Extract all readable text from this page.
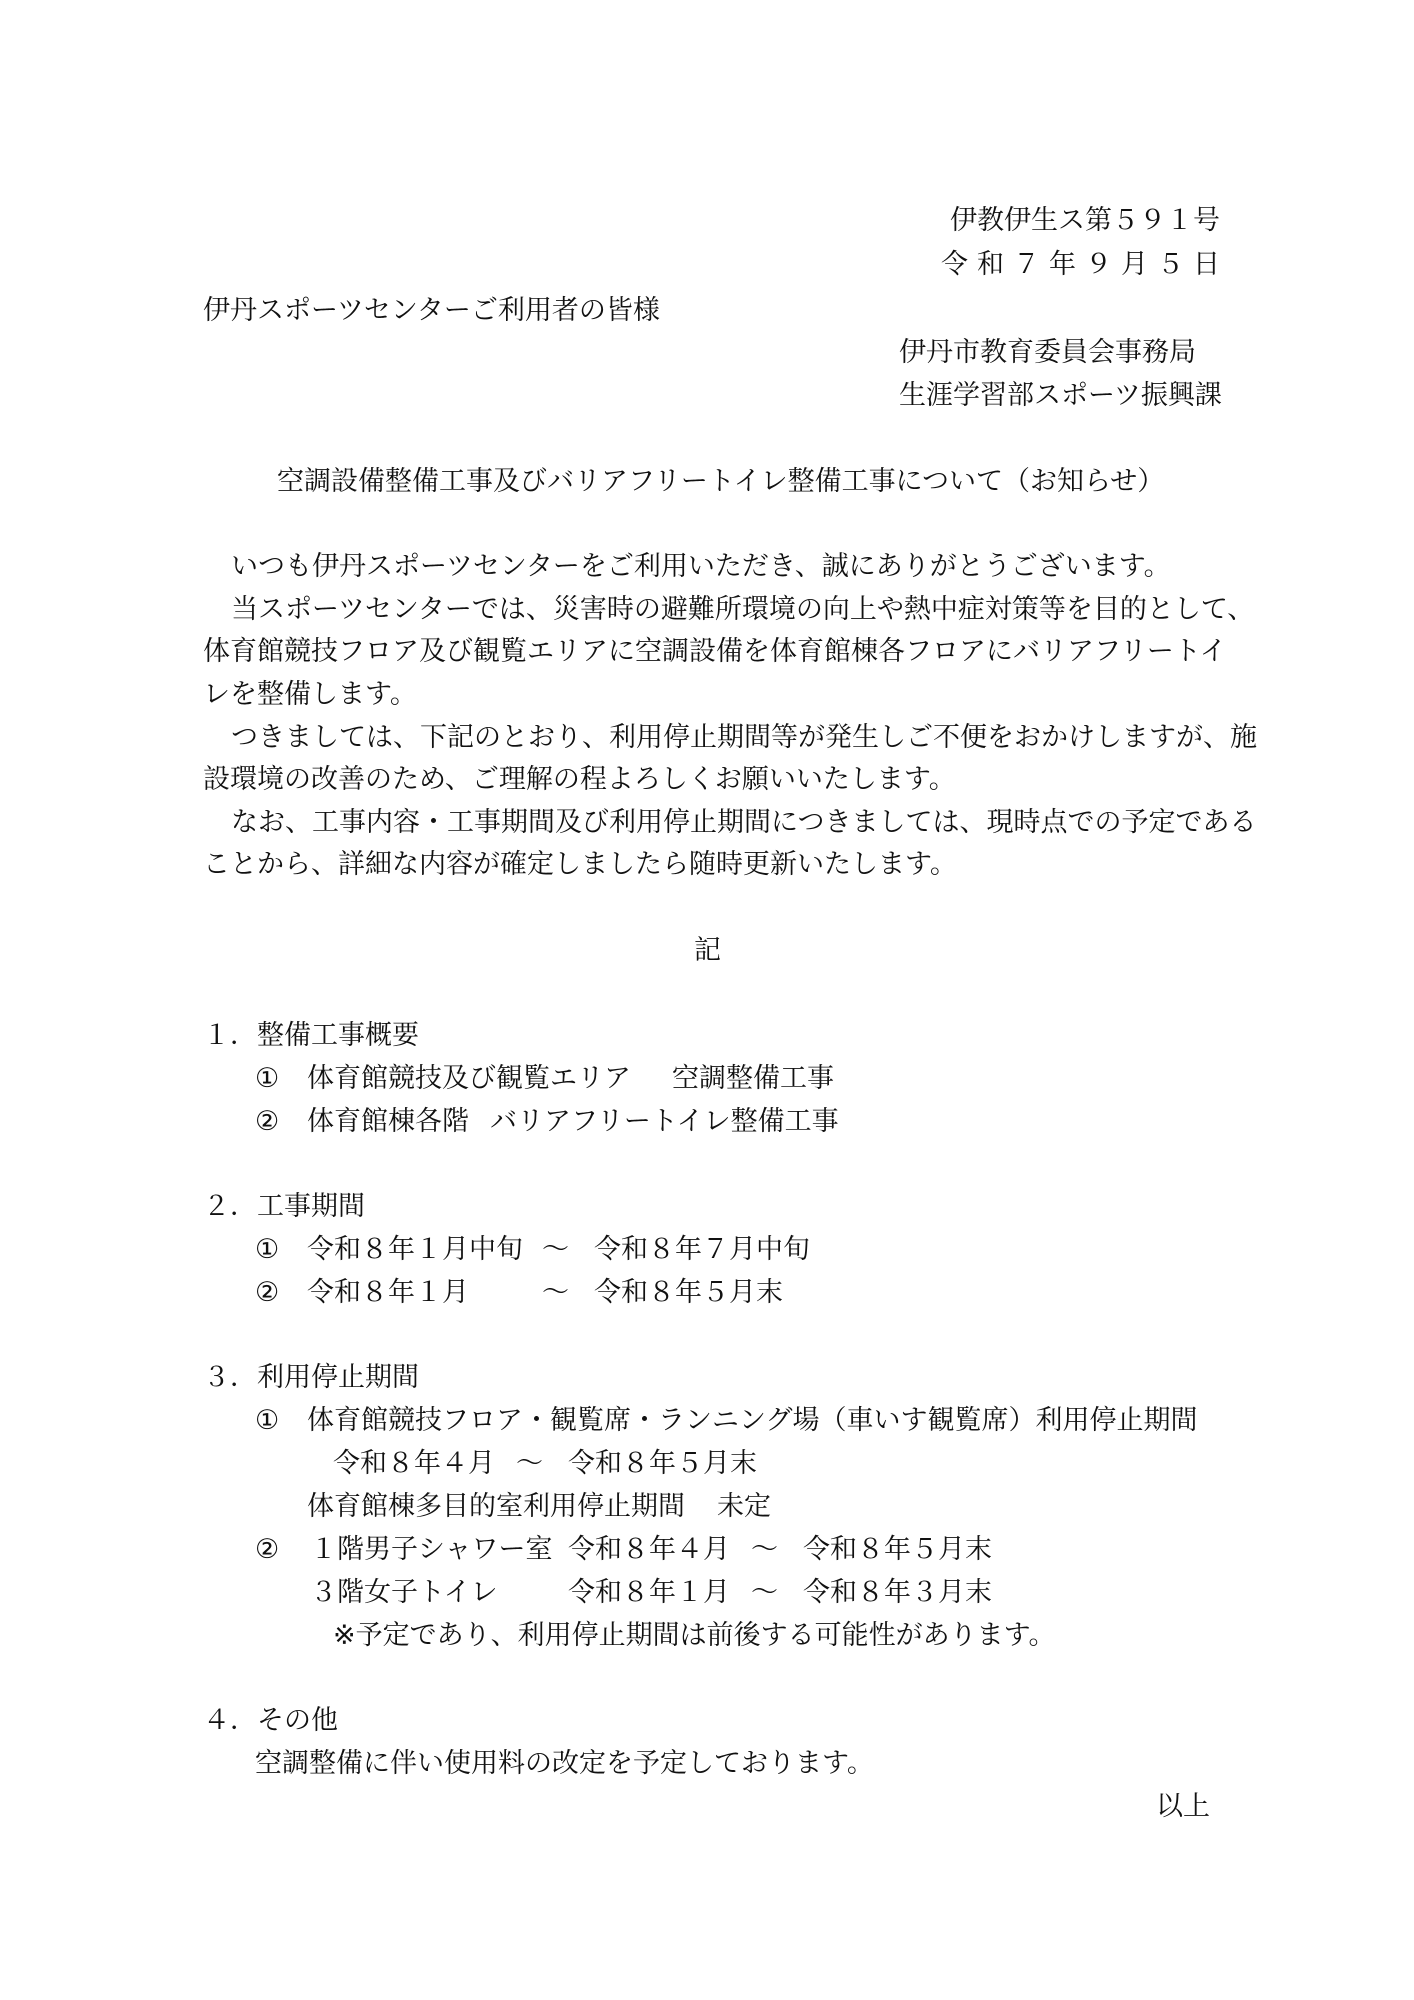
伊教伊生ス第５９１号

令和７年９月５日

伊丹スポーツセンターご利用者の皆様

伊丹市教育委員会事務局

生涯学習部スポーツ振興課

空調設備整備工事及びバリアフリートイレ整備工事について（お知らせ）

いつも伊丹スポーツセンターをご利用いただき、誠にありがとうございます。

当スポーツセンターでは、災害時の避難所環境の向上や熱中症対策等を目的として、

体育館競技フロア及び観覧エリアに空調設備を体育館棟各フロアにバリアフリートイ

レを整備します。

つきましては、下記のとおり、利用停止期間等が発生しご不便をおかけしますが、施

設環境の改善のため、ご理解の程よろしくお願いいたします。

なお、工事内容・工事期間及び利用停止期間につきましては、現時点での予定である

ことから、詳細な内容が確定しましたら随時更新いたします。

記

１．整備工事概要

① 体育館競技及び観覧エリア 空調整備工事

② 体育館棟各階 バリアフリートイレ整備工事

２．工事期間

① 令和８年１月中旬 ～ 令和８年７月中旬

② 令和８年１月	～ 令和８年５月末

３．利用停止期間

① 体育館競技フロア・観覧席・ランニング場（車いす観覧席）利用停止期間

令和８年４月 ～ 令和８年５月末

体育館棟多目的室利用停止期間 未定

② １階男子シャワー室 令和８年４月 ～ 令和８年５月末

３階女子トイレ	令和８年１月 ～ 令和８年３月末

※予定であり、利用停止期間は前後する可能性があります。

４．その他

空調整備に伴い使用料の改定を予定しております。

以上
